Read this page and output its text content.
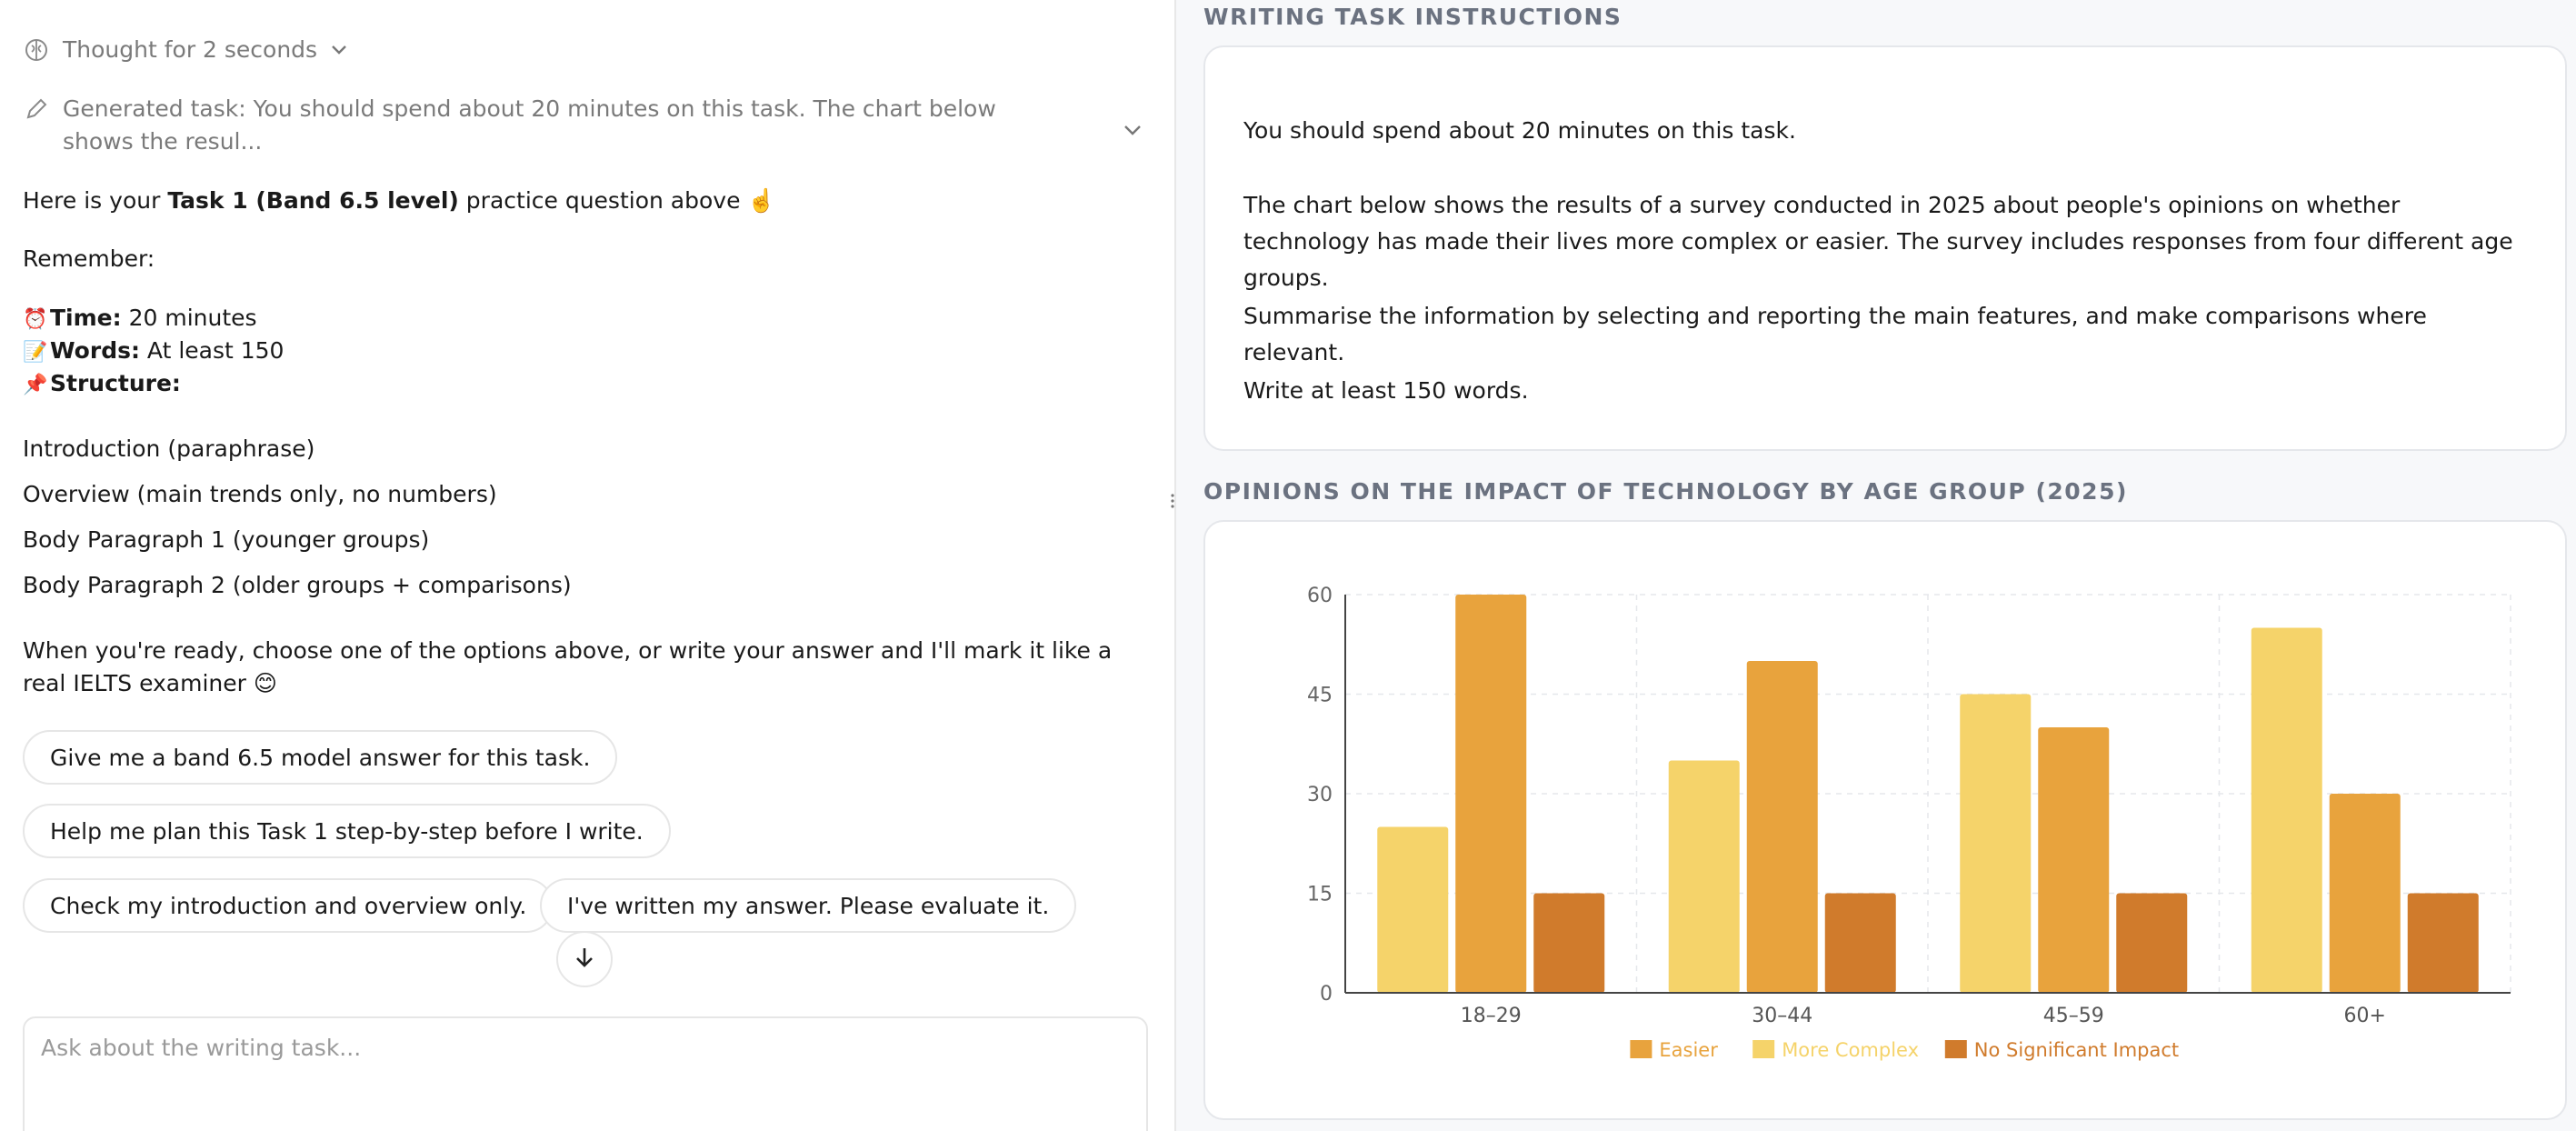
Thought for 2 seconds
Generated task: You should spend about 20 minutes on this task. The chart below shows the resul...
Here is your Task 1 (Band 6.5 level) practice question above ☝️
Remember:
⏰ Time: 20 minutes
📝 Words: At least 150
📌 Structure:
Introduction (paraphrase)
Overview (main trends only, no numbers)
Body Paragraph 1 (younger groups)
Body Paragraph 2 (older groups + comparisons)
When you're ready, choose one of the options above, or write your answer and I'll mark it like a real IELTS examiner 😊
Give me a band 6.5 model answer for this task.
Help me plan this Task 1 step-by-step before I write.
Check my introduction and overview only.	I've written my answer. Please evaluate it.
Ask about the writing task...
WRITING TASK INSTRUCTIONS

You should spend about 20 minutes on this task.

The chart below shows the results of a survey conducted in 2025 about people's opinions on whether technology has made their lives more complex or easier. The survey includes responses from four different age groups.

Summarise the information by selecting and reporting the main features, and make comparisons where relevant.

Write at least 150 words.

OPINIONS ON THE IMPACT OF TECHNOLOGY BY AGE GROUP (2025)
0
15
30
45
60
18–29	30–44	45–59	60+
Easier	More Complex	No Significant Impact
